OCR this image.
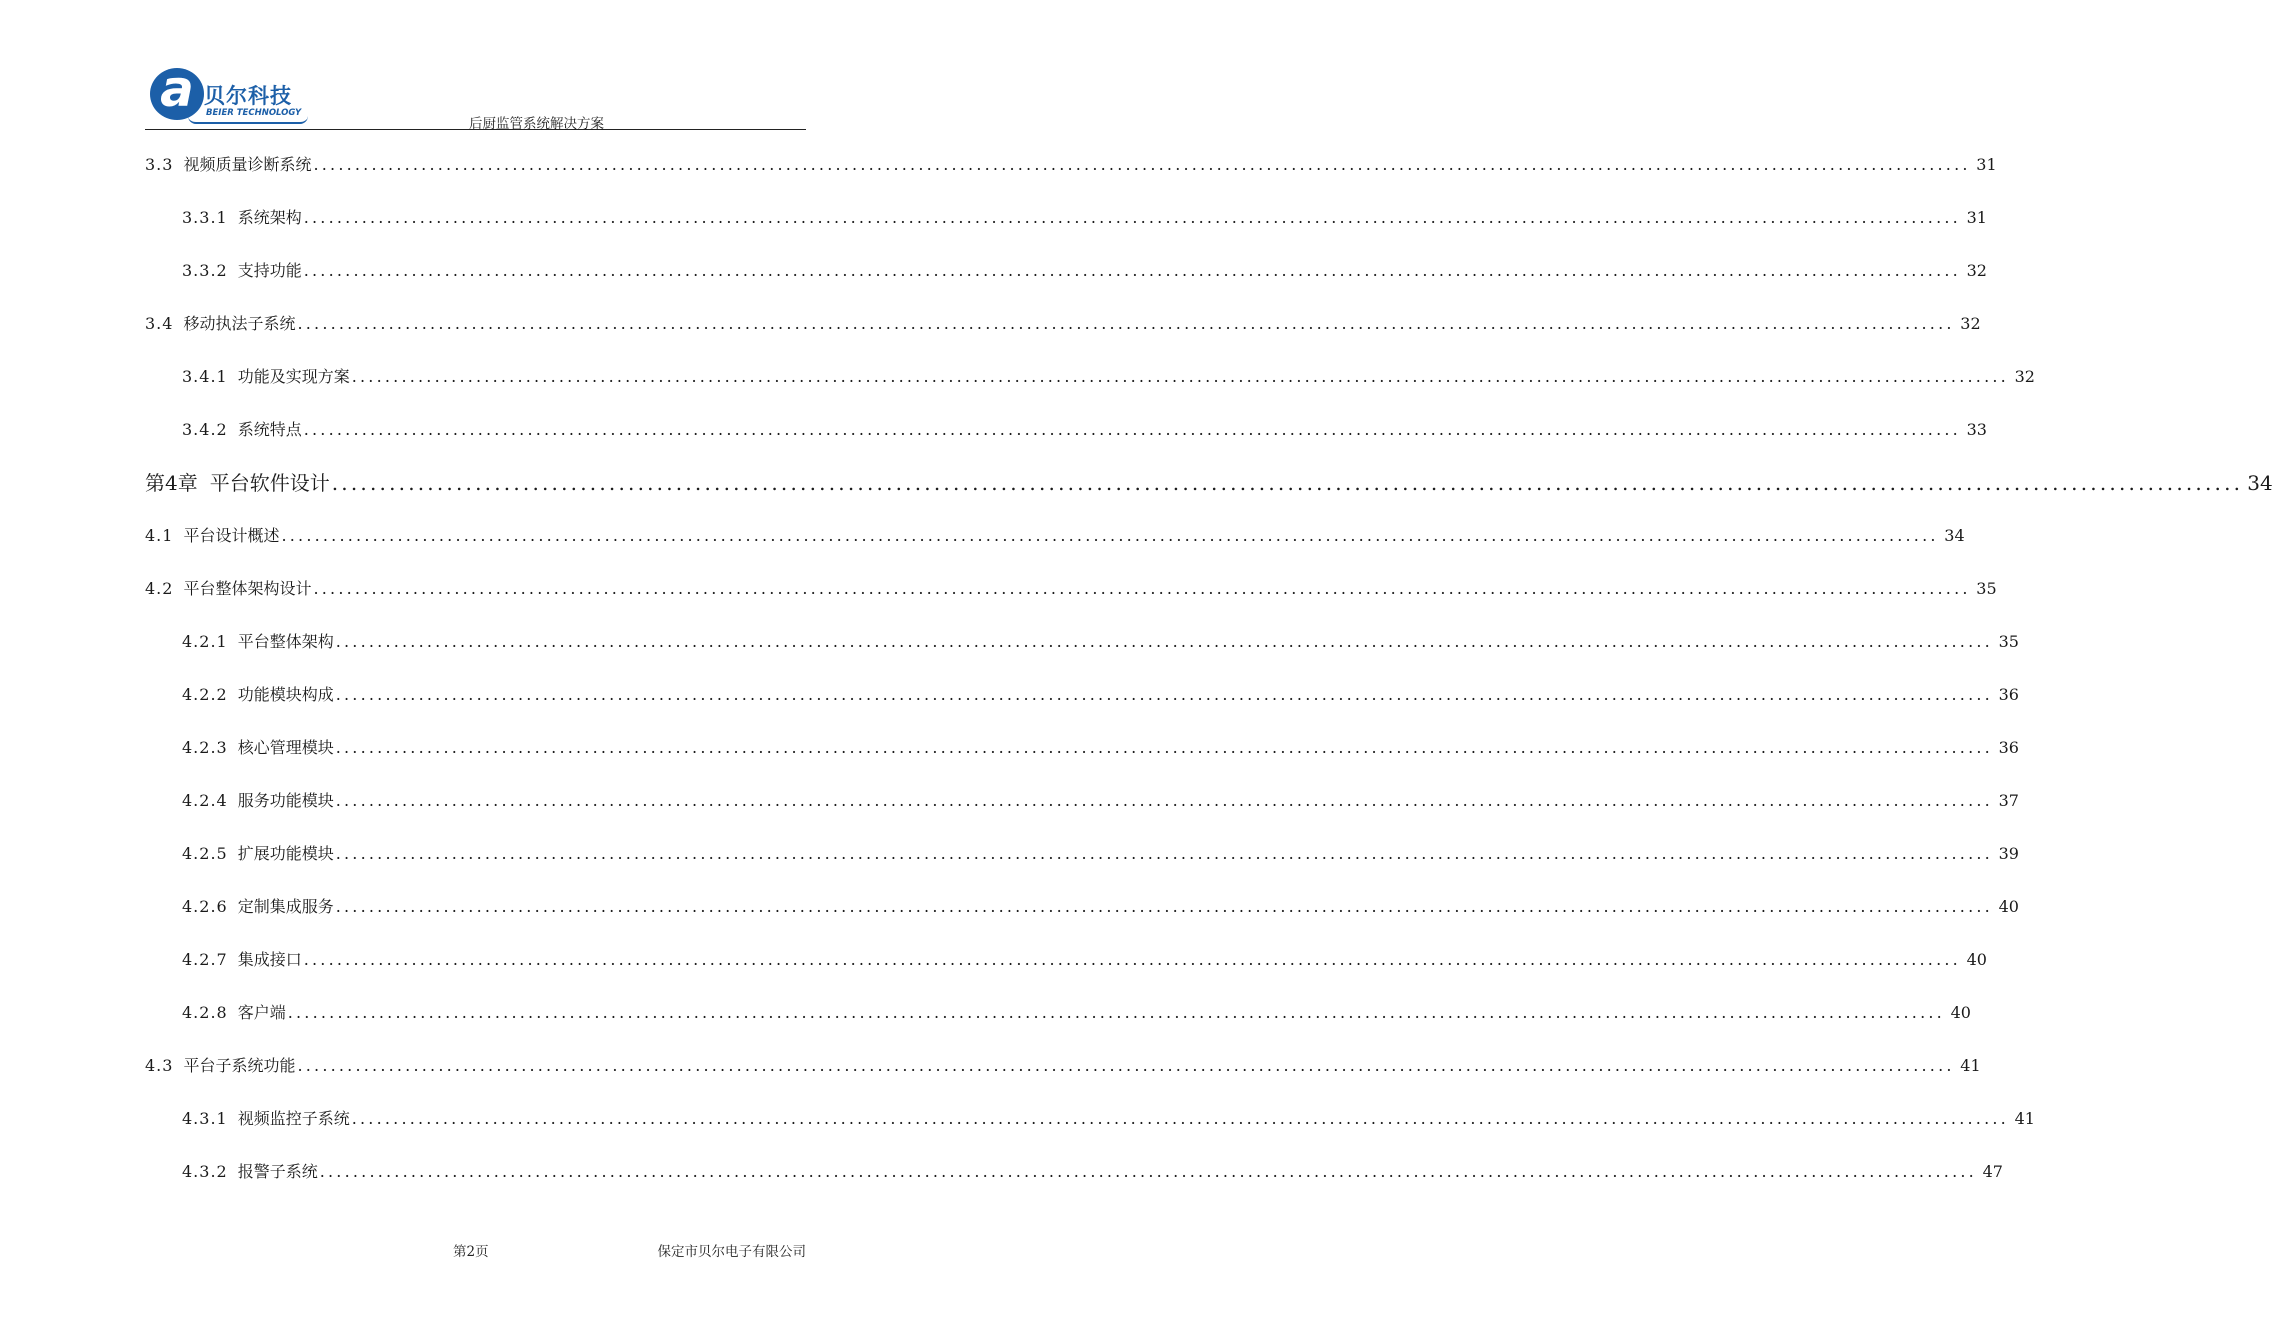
a 贝尔科技
BEIER TECHNOLOGY
后厨监管系统解决方案
3.3 视频质量诊断系统 ........................................................................................................................................................................................................ 31
3.3.1 系统架构 ........................................................................................................................................................................................................ 31
3.3.2 支持功能 ........................................................................................................................................................................................................ 32
3.4 移动执法子系统 ........................................................................................................................................................................................................ 32
3.4.1 功能及实现方案 ........................................................................................................................................................................................................ 32
3.4.2 系统特点 ........................................................................................................................................................................................................ 33
第4章 平台软件设计 ........................................................................................................................................................................................................ 34
4.1 平台设计概述 ........................................................................................................................................................................................................ 34
4.2 平台整体架构设计 ........................................................................................................................................................................................................ 35
4.2.1 平台整体架构 ........................................................................................................................................................................................................ 35
4.2.2 功能模块构成 ........................................................................................................................................................................................................ 36
4.2.3 核心管理模块 ........................................................................................................................................................................................................ 36
4.2.4 服务功能模块 ........................................................................................................................................................................................................ 37
4.2.5 扩展功能模块 ........................................................................................................................................................................................................ 39
4.2.6 定制集成服务 ........................................................................................................................................................................................................ 40
4.2.7 集成接口 ........................................................................................................................................................................................................ 40
4.2.8 客户端 ........................................................................................................................................................................................................ 40
4.3 平台子系统功能 ........................................................................................................................................................................................................ 41
4.3.1 视频监控子系统 ........................................................................................................................................................................................................ 41
4.3.2 报警子系统 ........................................................................................................................................................................................................ 47
第2页	保定市贝尔电子有限公司
